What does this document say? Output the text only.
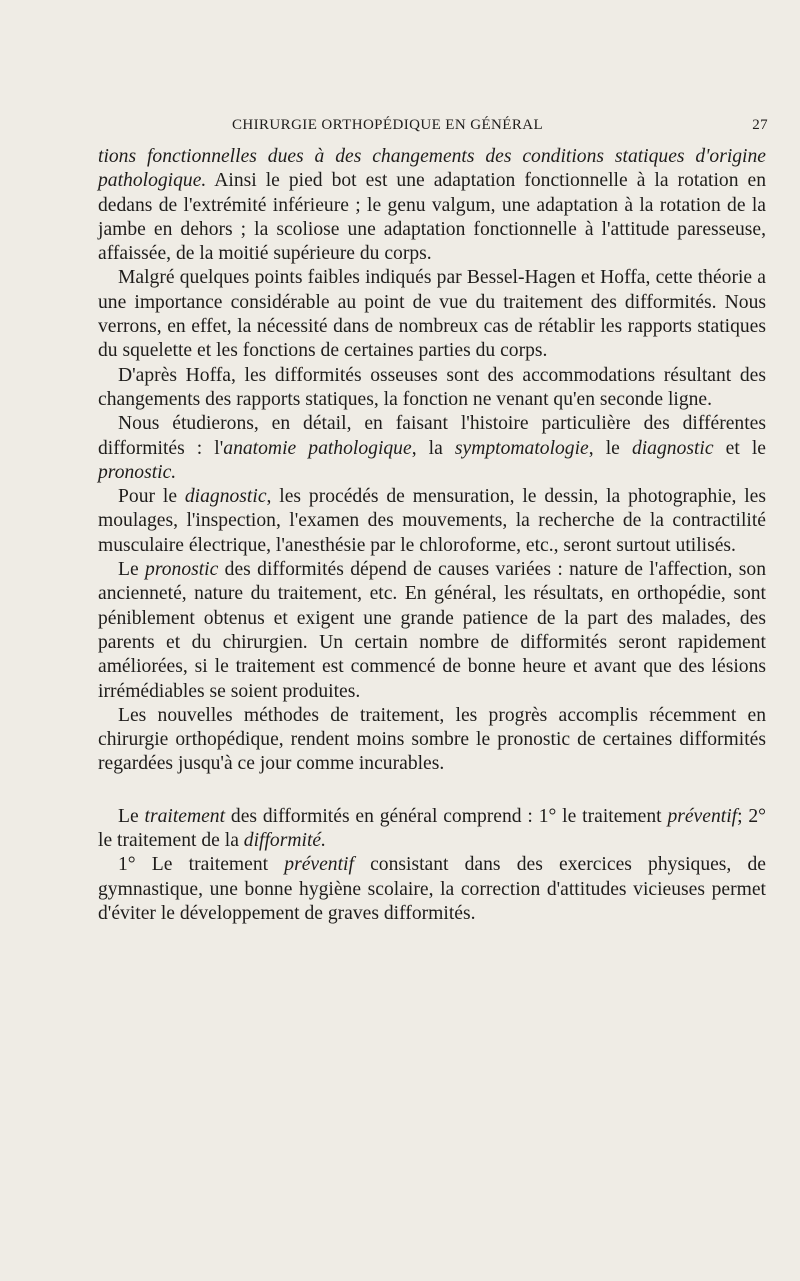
CHIRURGIE ORTHOPÉDIQUE EN GÉNÉRAL	27

tions fonctionnelles dues à des changements des conditions statiques d'origine pathologique. Ainsi le pied bot est une adaptation fonctionnelle à la rotation en dedans de l'extrémité inférieure ; le genu valgum, une adaptation à la rotation de la jambe en dehors ; la scoliose une adaptation fonctionnelle à l'attitude paresseuse, affaissée, de la moitié supérieure du corps.

Malgré quelques points faibles indiqués par Bessel-Hagen et Hoffa, cette théorie a une importance considérable au point de vue du traitement des difformités. Nous verrons, en effet, la nécessité dans de nombreux cas de rétablir les rapports statiques du squelette et les fonctions de certaines parties du corps.

D'après Hoffa, les difformités osseuses sont des accommodations résultant des changements des rapports statiques, la fonction ne venant qu'en seconde ligne.

Nous étudierons, en détail, en faisant l'histoire particulière des différentes difformités : l'anatomie pathologique, la symptomatologie, le diagnostic et le pronostic.

Pour le diagnostic, les procédés de mensuration, le dessin, la photographie, les moulages, l'inspection, l'examen des mouvements, la recherche de la contractilité musculaire électrique, l'anesthésie par le chloroforme, etc., seront surtout utilisés.

Le pronostic des difformités dépend de causes variées : nature de l'affection, son ancienneté, nature du traitement, etc. En général, les résultats, en orthopédie, sont péniblement obtenus et exigent une grande patience de la part des malades, des parents et du chirurgien. Un certain nombre de difformités seront rapidement améliorées, si le traitement est commencé de bonne heure et avant que des lésions irrémédiables se soient produites.

Les nouvelles méthodes de traitement, les progrès accomplis récemment en chirurgie orthopédique, rendent moins sombre le pronostic de certaines difformités regardées jusqu'à ce jour comme incurables.

Le traitement des difformités en général comprend : 1° le traitement préventif; 2° le traitement de la difformité.

1° Le traitement préventif consistant dans des exercices physiques, de gymnastique, une bonne hygiène scolaire, la correction d'attitudes vicieuses permet d'éviter le développement de graves difformités.
